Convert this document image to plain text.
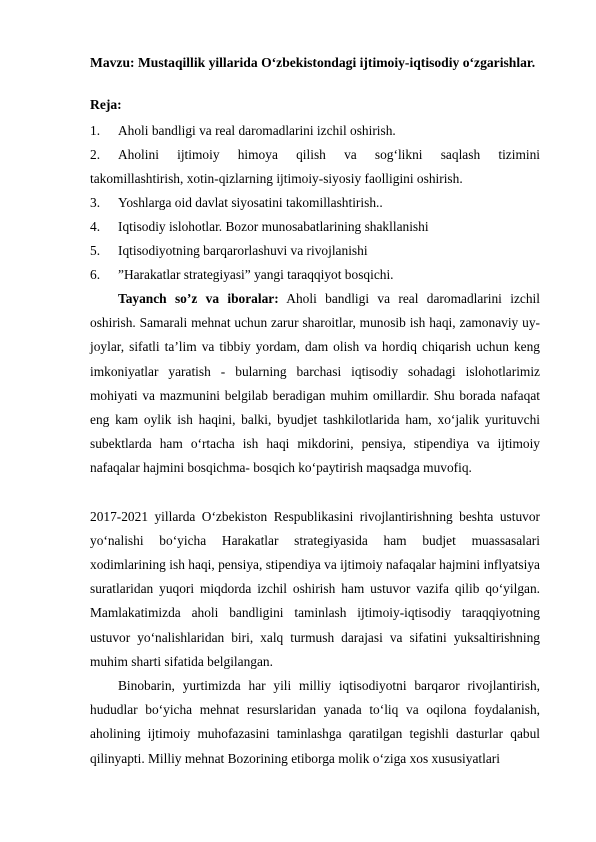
Mavzu: Mustaqillik yillarida O‘zbekistondagi ijtimoiy-iqtisodiy o‘zgarishlar.
Reja:
1. Aholi bandligi va real daromadlarini izchil oshirish.
2. Aholini ijtimoiy himoya qilish va sog‘likni saqlash tizimini
takomillashtirish, xotin-qizlarning ijtimoiy-siyosiy faolligini oshirish.
3. Yoshlarga oid davlat siyosatini takomillashtirish..
4. Iqtisodiy islohotlar. Bozor munosabatlarining shakllanishi
5. Iqtisodiyotning barqarorlashuvi va rivojlanishi
6. ”Harakatlar strategiyasi” yangi taraqqiyot bosqichi.

Tayanch so’z va iboralar: Aholi bandligi va real daromadlarini izchil oshirish. Samarali mehnat uchun zarur sharoitlar, munosib ish haqi, zamonaviy uy-joylar, sifatli ta’lim va tibbiy yordam, dam olish va hordiq chiqarish uchun keng imkoniyatlar yaratish - bularning barchasi iqtisodiy sohadagi islohotlarimiz mohiyati va mazmunini belgilab beradigan muhim omillardir. Shu borada nafaqat eng kam oylik ish haqini, balki, byudjet tashkilotlarida ham, xo‘jalik yurituvchi subektlarda ham o‘rtacha ish haqi mikdorini, pensiya, stipendiya va ijtimoiy nafaqalar hajmini bosqichma- bosqich ko‘paytirish maqsadga muvofiq.

2017-2021 yillarda O‘zbekiston Respublikasini rivojlantirishning beshta ustuvor yo‘nalishi bo‘yicha Harakatlar strategiyasida ham budjet muassasalari xodimlarining ish haqi, pensiya, stipendiya va ijtimoiy nafaqalar hajmini inflyatsiya suratlaridan yuqori miqdorda izchil oshirish ham ustuvor vazifa qilib qo‘yilgan. Mamlakatimizda aholi bandligini taminlash ijtimoiy-iqtisodiy taraqqiyotning ustuvor yo‘nalishlaridan biri, xalq turmush darajasi va sifatini yuksaltirishning muhim sharti sifatida belgilangan.

Binobarin, yurtimizda har yili milliy iqtisodiyotni barqaror rivojlantirish, hududlar bo‘yicha mehnat resurslaridan yanada to‘liq va oqilona foydalanish, aholining ijtimoiy muhofazasini taminlashga qaratilgan tegishli dasturlar qabul qilinyapti. Milliy mehnat Bozorining etiborga molik o‘ziga xos xususiyatlari
